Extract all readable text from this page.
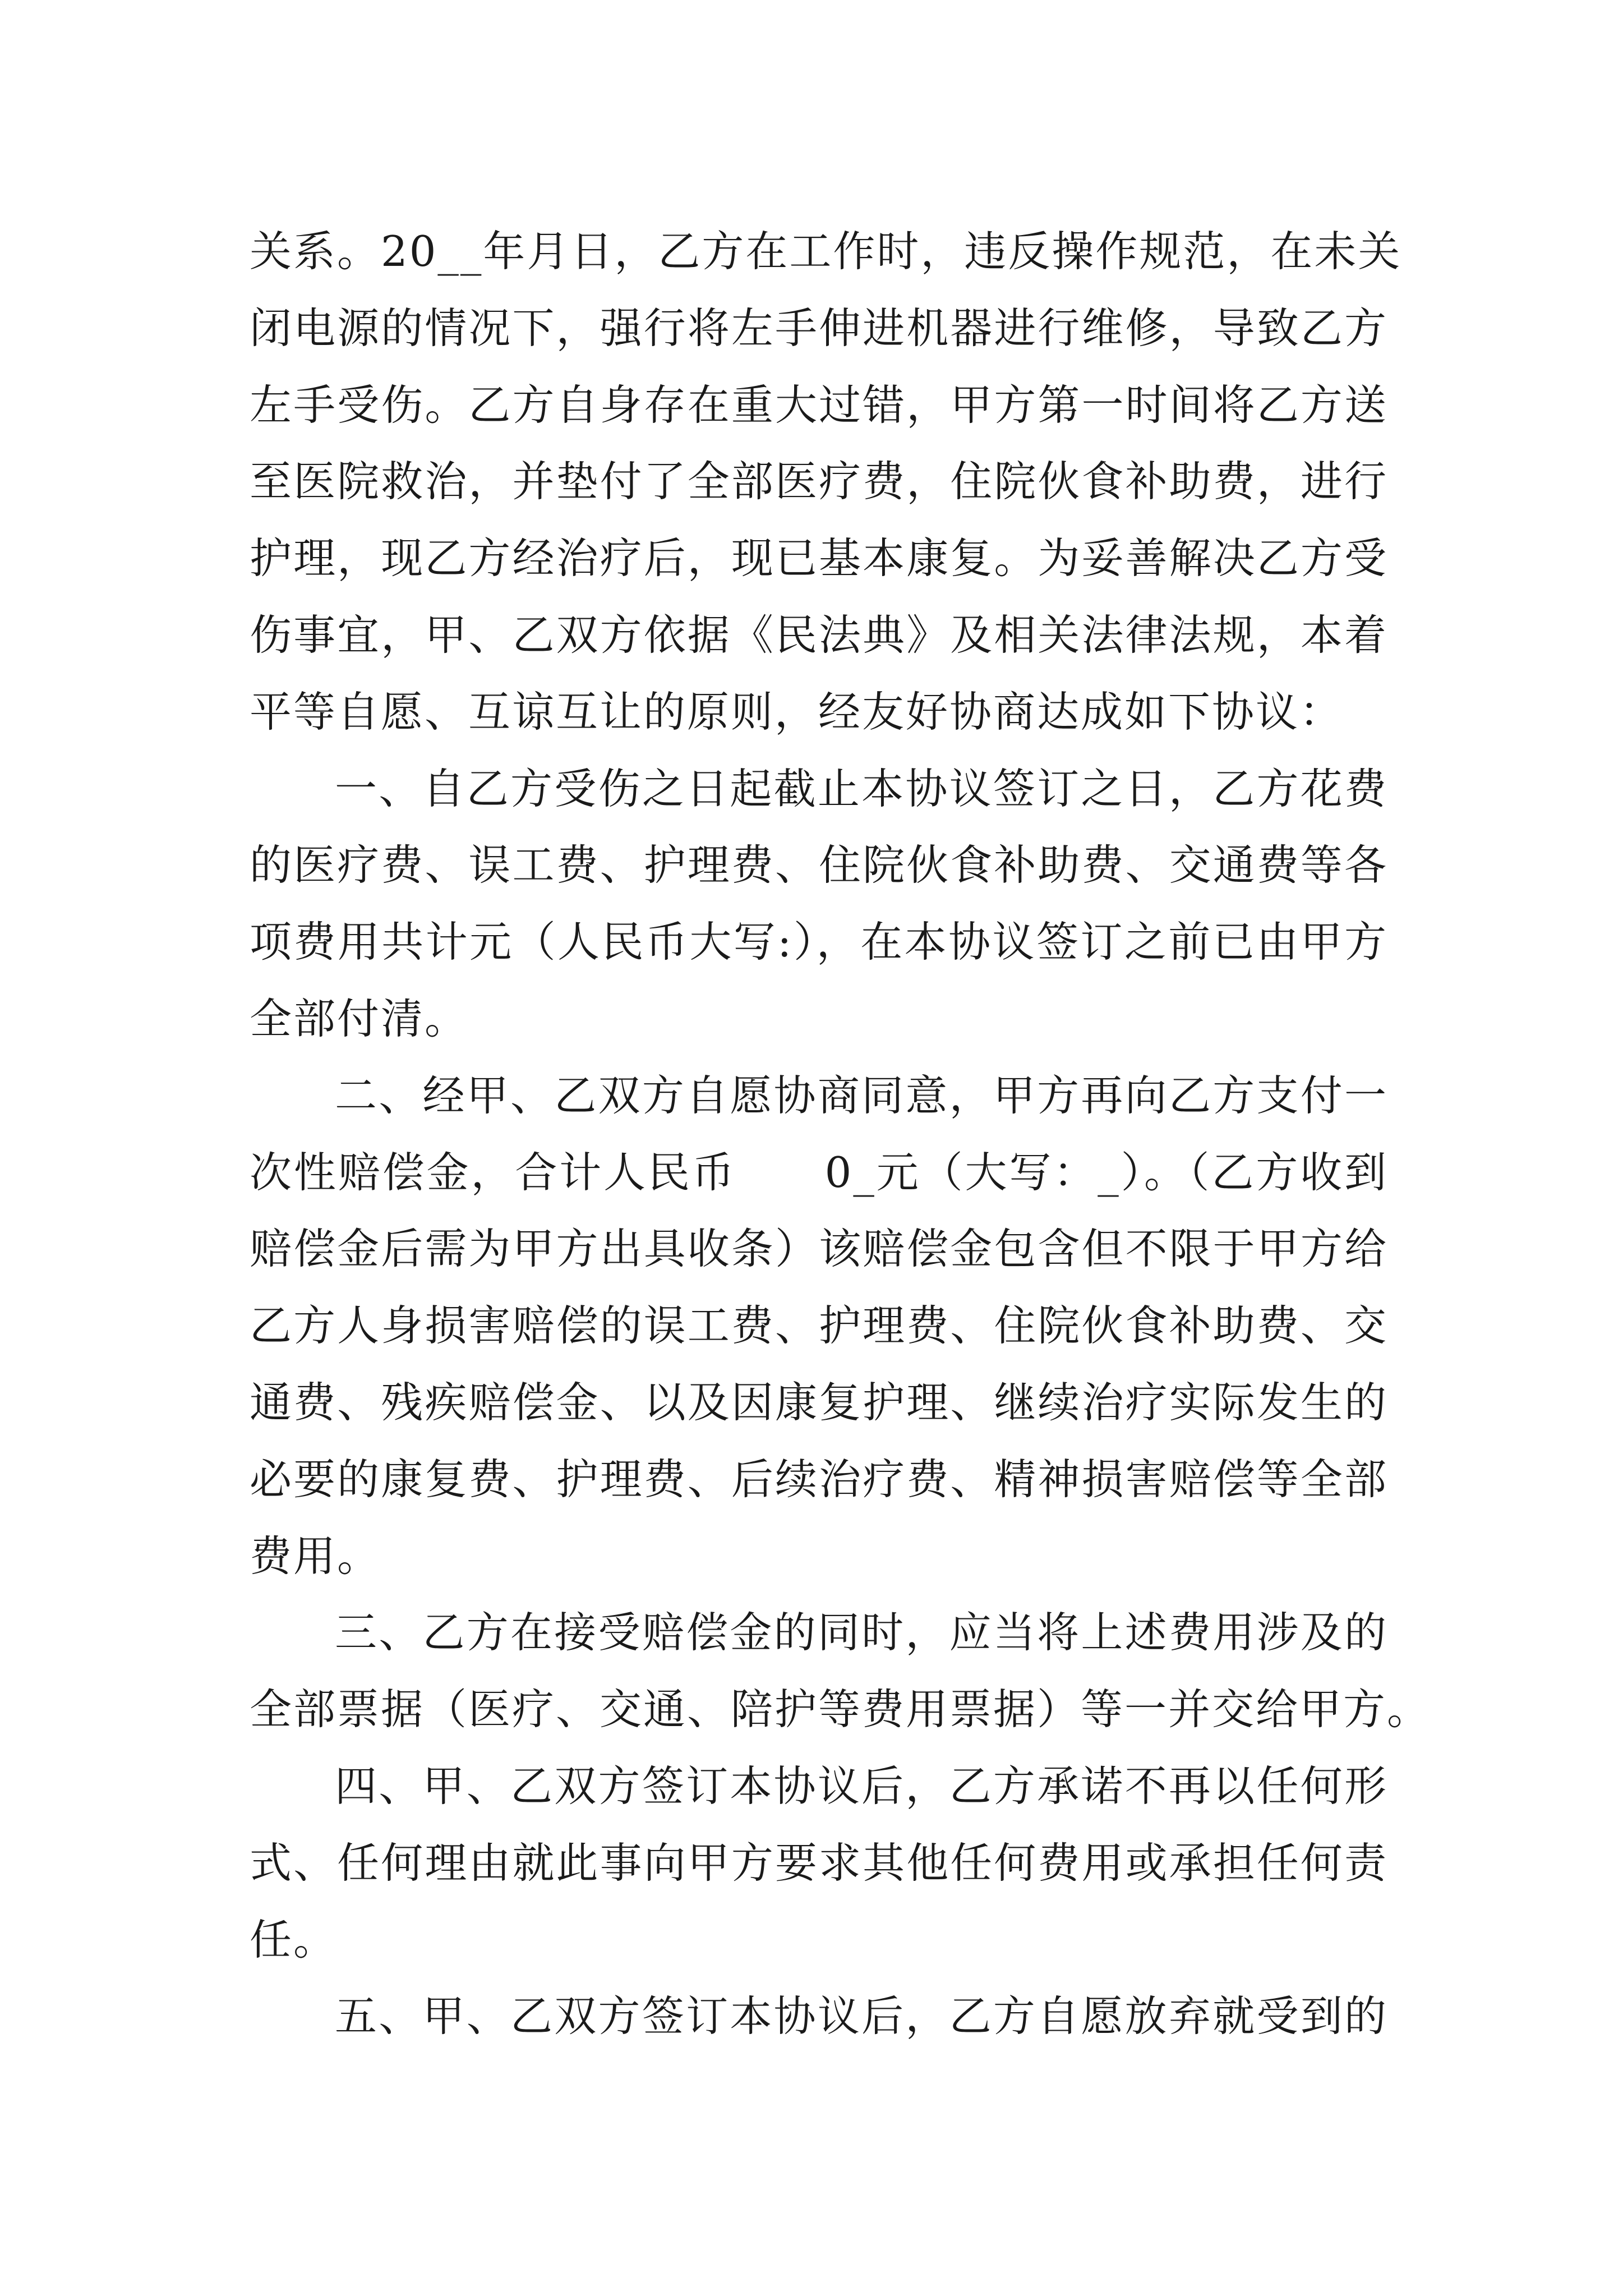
关系。20__年月日，乙方在工作时，违反操作规范，在未关
闭电源的情况下，强行将左手伸进机器进行维修，导致乙方
左手受伤。乙方自身存在重大过错，甲方第一时间将乙方送
至医院救治，并垫付了全部医疗费，住院伙食补助费，进行
护理，现乙方经治疗后，现已基本康复。为妥善解决乙方受
伤事宜，甲、乙双方依据《民法典》及相关法律法规，本着
平等自愿、互谅互让的原则，经友好协商达成如下协议：
一、自乙方受伤之日起截止本协议签订之日，乙方花费
的医疗费、误工费、护理费、住院伙食补助费、交通费等各
项费用共计元（人民币大写:），在本协议签订之前已由甲方
全部付清。
二、经甲、乙双方自愿协商同意，甲方再向乙方支付一
次性赔偿金，合计人民币　　0_元（大写：_）。（乙方收到
赔偿金后需为甲方出具收条）该赔偿金包含但不限于甲方给
乙方人身损害赔偿的误工费、护理费、住院伙食补助费、交
通费、残疾赔偿金、以及因康复护理、继续治疗实际发生的
必要的康复费、护理费、后续治疗费、精神损害赔偿等全部
费用。
三、乙方在接受赔偿金的同时，应当将上述费用涉及的
全部票据（医疗、交通、陪护等费用票据）等一并交给甲方。
四、甲、乙双方签订本协议后，乙方承诺不再以任何形
式、任何理由就此事向甲方要求其他任何费用或承担任何责
任。
五、甲、乙双方签订本协议后，乙方自愿放弃就受到的
